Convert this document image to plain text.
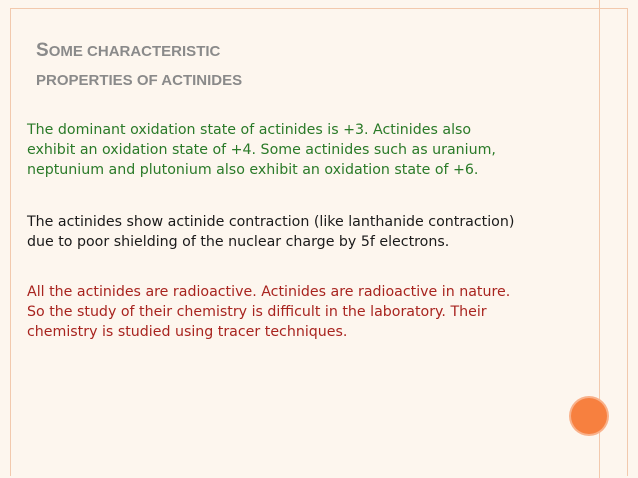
SOME CHARACTERISTIC
PROPERTIES OF ACTINIDES
The dominant oxidation state of actinides is +3. Actinides also
exhibit an oxidation state of +4. Some actinides such as uranium,
neptunium and plutonium also exhibit an oxidation state of +6.
The actinides show actinide contraction (like lanthanide contraction)
due to poor shielding of the nuclear charge by 5f electrons.
All the actinides are radioactive. Actinides are radioactive in nature.
So the study of their chemistry is difficult in the laboratory. Their
chemistry is studied using tracer techniques.
